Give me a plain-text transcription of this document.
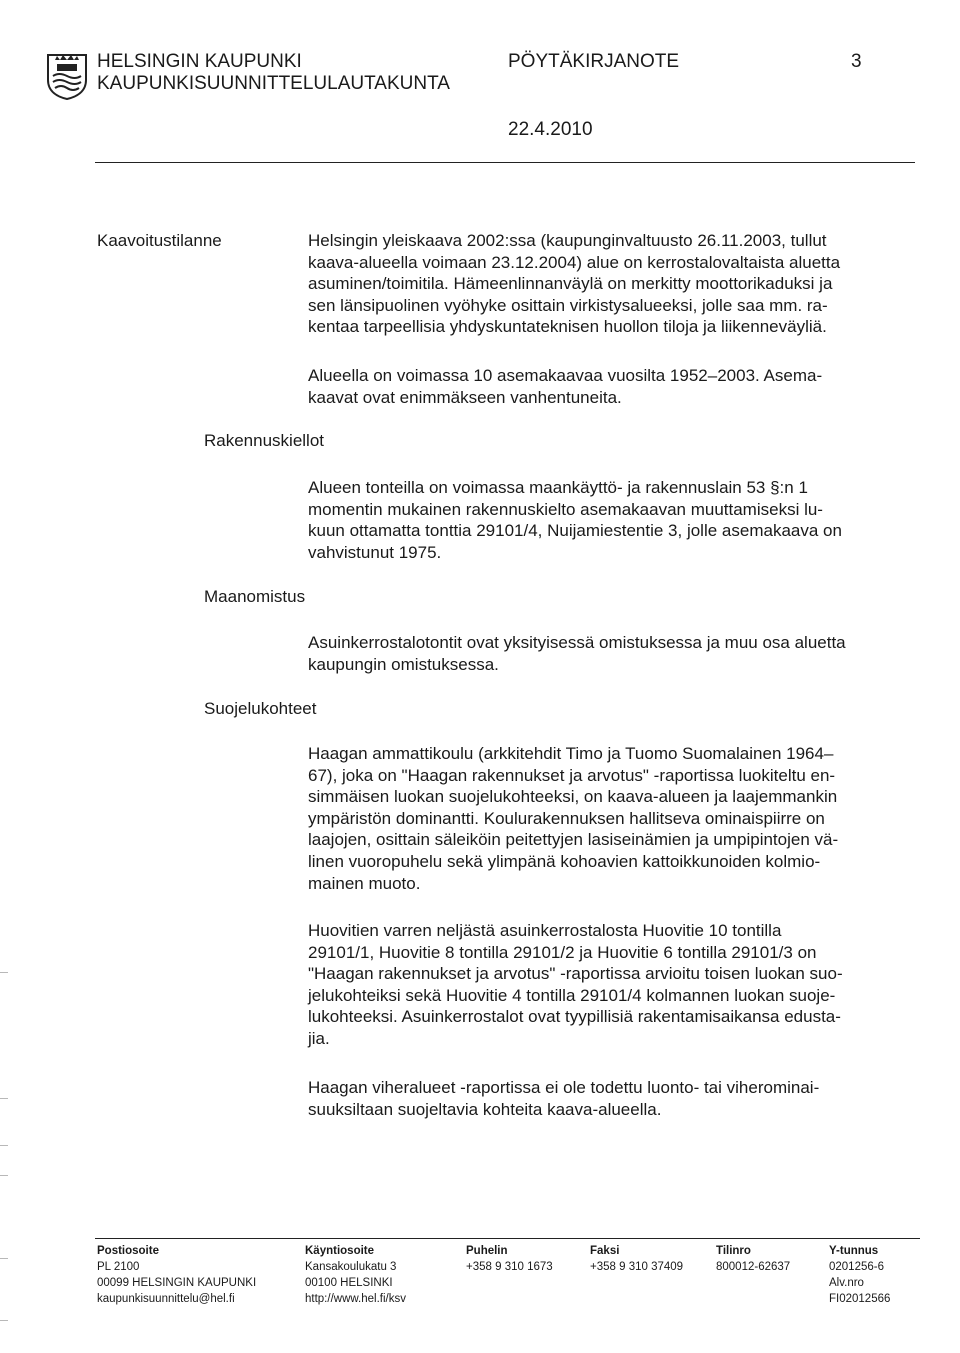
HELSINGIN KAUPUNKI
KAUPUNKISUUNNITTELULAUTAKUNTA
PÖYTÄKIRJANOTE	3
22.4.2010
Kaavoitustilanne
Rakennuskiellot
Maanomistus
Suojelukohteet
Helsingin yleiskaava 2002:ssa (kaupunginvaltuusto 26.11.2003, tullut
kaava-alueella voimaan 23.12.2004) alue on kerrostalovaltaista aluetta
asuminen/toimitila. Hämeenlinnanväylä on merkitty moottorikaduksi ja
sen länsipuolinen vyöhyke osittain virkistysalueeksi, jolle saa mm. ra-
kentaa tarpeellisia yhdyskuntateknisen huollon tiloja ja liikenneväyliä.
Alueella on voimassa 10 asemakaavaa vuosilta 1952–2003. Asema-
kaavat ovat enimmäkseen vanhentuneita.
Alueen tonteilla on voimassa maankäyttö- ja rakennuslain 53 §:n 1
momentin mukainen rakennuskielto asemakaavan muuttamiseksi lu-
kuun ottamatta tonttia 29101/4, Nuijamiestentie 3, jolle asemakaava on
vahvistunut 1975.
Asuinkerrostalotontit ovat yksityisessä omistuksessa ja muu osa aluetta
kaupungin omistuksessa.
Haagan ammattikoulu (arkkitehdit Timo ja Tuomo Suomalainen 1964–
67), joka on "Haagan rakennukset ja arvotus" -raportissa luokiteltu en-
simmäisen luokan suojelukohteeksi, on kaava-alueen ja laajemmankin
ympäristön dominantti. Koulurakennuksen hallitseva ominaispiirre on
laajojen, osittain säleiköin peitettyjen lasiseinämien ja umpipintojen vä-
linen vuoropuhelu sekä ylimpänä kohoavien kattoikkunoiden kolmio-
mainen muoto.
Huovitien varren neljästä asuinkerrostalosta Huovitie 10 tontilla
29101/1, Huovitie 8 tontilla 29101/2 ja Huovitie 6 tontilla 29101/3 on
"Haagan rakennukset ja arvotus" -raportissa arvioitu toisen luokan suo-
jelukohteiksi sekä Huovitie 4 tontilla 29101/4 kolmannen luokan suoje-
lukohteeksi. Asuinkerrostalot ovat tyypillisiä rakentamisaikansa edusta-
jia.
Haagan viheralueet -raportissa ei ole todettu luonto- tai viherominai-
suuksiltaan suojeltavia kohteita kaava-alueella.
Postiosoite
PL 2100
00099 HELSINGIN KAUPUNKI
kaupunkisuunnittelu@hel.fi
Käyntiosoite
Kansakoulukatu 3
00100 HELSINKI
http://www.hel.fi/ksv
Puhelin
+358 9 310 1673
Faksi
+358 9 310 37409
Tilinro
800012-62637
Y-tunnus
0201256-6
Alv.nro
FI02012566
